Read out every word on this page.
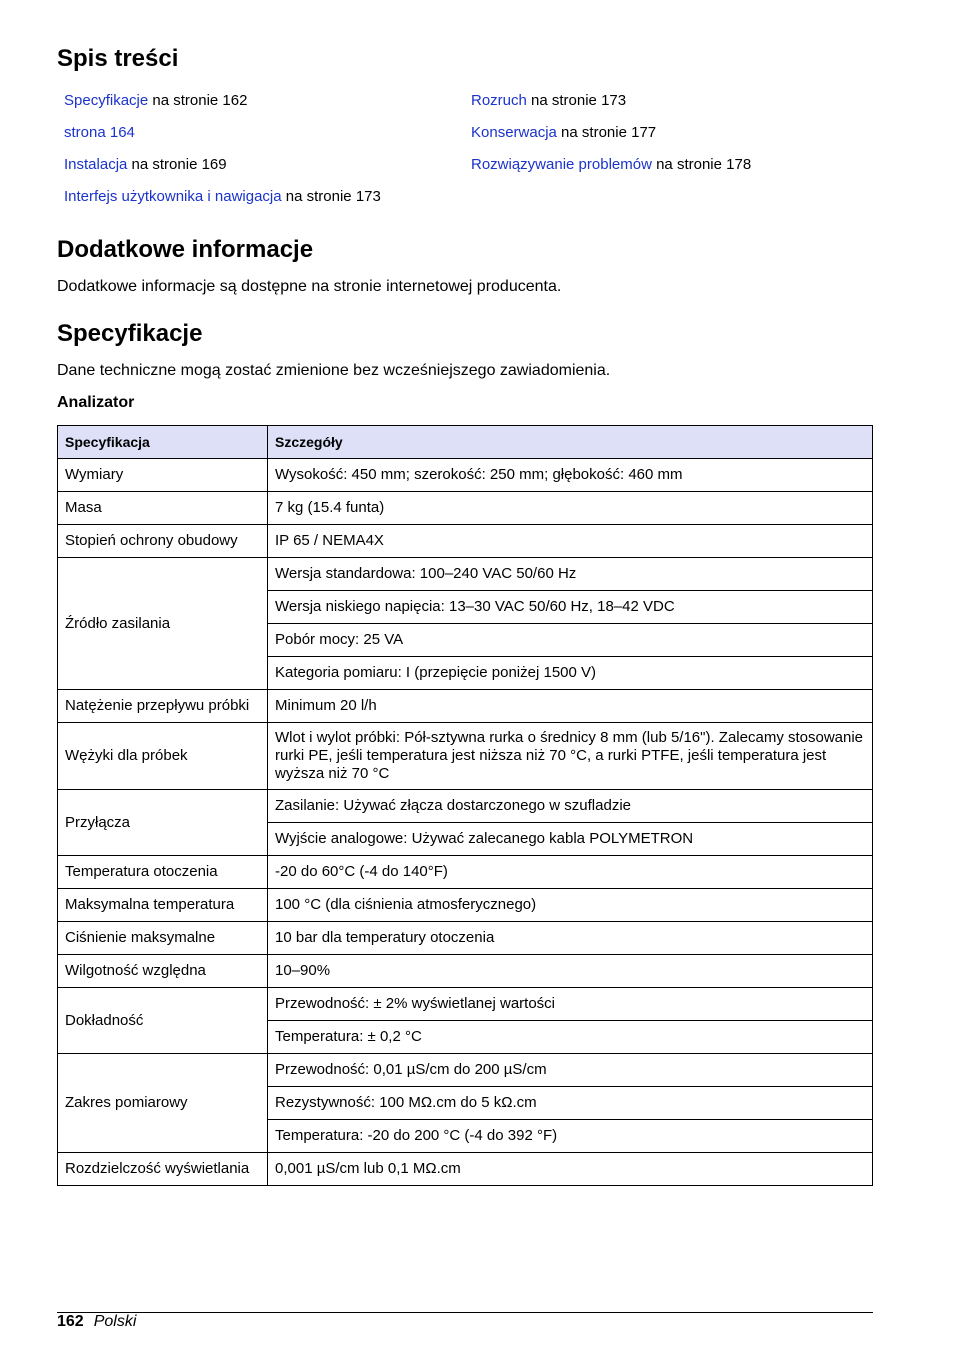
Spis treści
Specyfikacje na stronie 162
strona 164
Instalacja na stronie 169
Interfejs użytkownika i nawigacja na stronie 173
Rozruch na stronie 173
Konserwacja na stronie 177
Rozwiązywanie problemów na stronie 178
Dodatkowe informacje

Dodatkowe informacje są dostępne na stronie internetowej producenta.

Specyfikacje

Dane techniczne mogą zostać zmienione bez wcześniejszego zawiadomienia.

Analizator
Specyfikacja	Szczegóły
Wymiary	Wysokość: 450 mm; szerokość: 250 mm; głębokość: 460 mm
Masa	7 kg (15.4 funta)
Stopień ochrony obudowy	IP 65 / NEMA4X
Źródło zasilania	Wersja standardowa: 100–240 VAC 50/60 Hz
	Wersja niskiego napięcia: 13–30 VAC 50/60 Hz, 18–42 VDC
	Pobór mocy: 25 VA
	Kategoria pomiaru: I (przepięcie poniżej 1500 V)
Natężenie przepływu próbki	Minimum 20 l/h
Wężyki dla próbek	Wlot i wylot próbki: Pół-sztywna rurka o średnicy 8 mm (lub 5/16"). Zalecamy stosowanie rurki PE, jeśli temperatura jest niższa niż 70 °C, a rurki PTFE, jeśli temperatura jest wyższa niż 70 °C
Przyłącza	Zasilanie: Używać złącza dostarczonego w szufladzie
	Wyjście analogowe: Używać zalecanego kabla POLYMETRON
Temperatura otoczenia	-20 do 60°C (-4 do 140°F)
Maksymalna temperatura	100 °C (dla ciśnienia atmosferycznego)
Ciśnienie maksymalne	10 bar dla temperatury otoczenia
Wilgotność względna	10–90%
Dokładność	Przewodność: ± 2% wyświetlanej wartości
	Temperatura: ± 0,2 °C
Zakres pomiarowy	Przewodność: 0,01 µS/cm do 200 µS/cm
	Rezystywność: 100 MΩ.cm do 5 kΩ.cm
	Temperatura: -20 do 200 °C (-4 do 392 °F)
Rozdzielczość wyświetlania	0,001 µS/cm lub 0,1 MΩ.cm
162 Polski
